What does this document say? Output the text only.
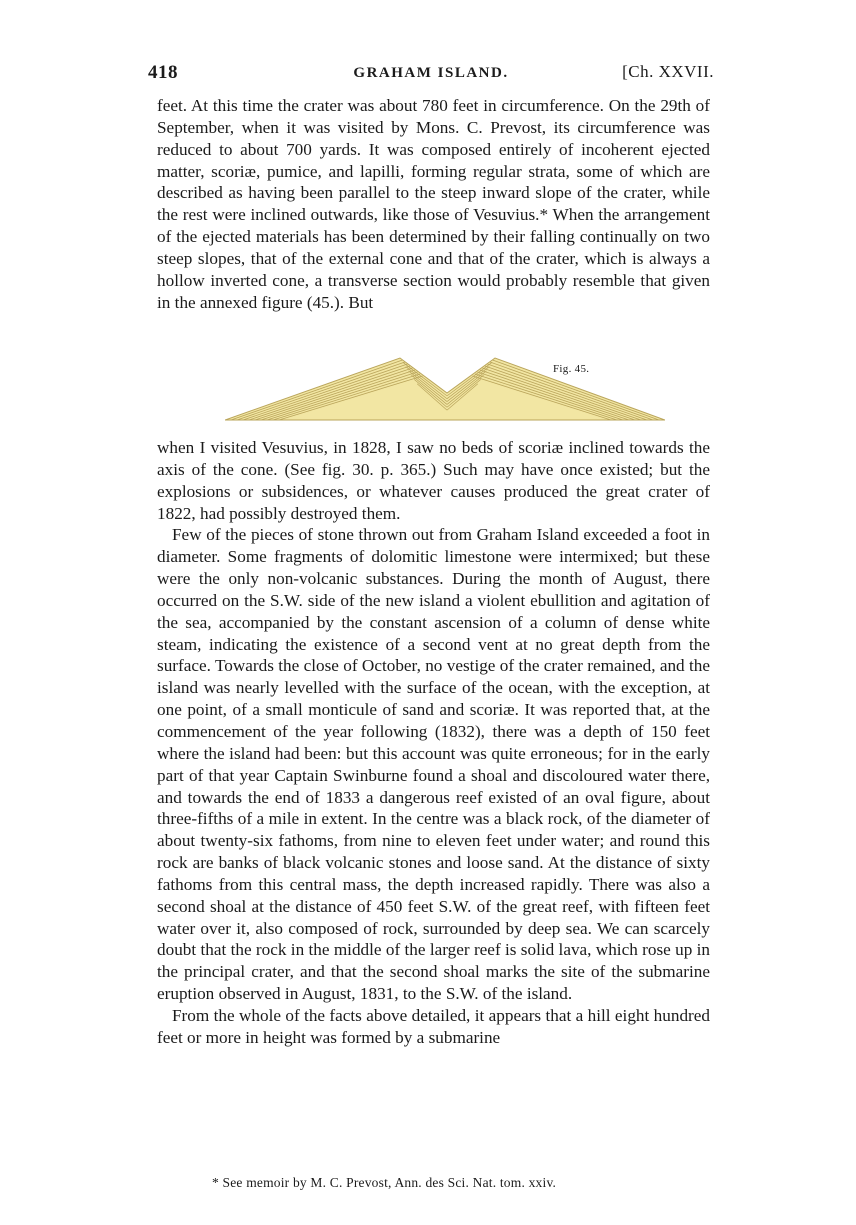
418	GRAHAM ISLAND.	[Ch. XXVII.

feet. At this time the crater was about 780 feet in circumference. On the 29th of September, when it was visited by Mons. C. Prevost, its circumference was reduced to about 700 yards. It was composed entirely of incoherent ejected matter, scoriæ, pumice, and lapilli, forming regular strata, some of which are described as having been parallel to the steep inward slope of the crater, while the rest were inclined outwards, like those of Vesuvius.* When the arrangement of the ejected materials has been determined by their falling continually on two steep slopes, that of the external cone and that of the crater, which is always a hollow inverted cone, a transverse section would probably resemble that given in the annexed figure (45.). But

Fig. 45.

when I visited Vesuvius, in 1828, I saw no beds of scoriæ inclined towards the axis of the cone. (See fig. 30. p. 365.) Such may have once existed; but the explosions or subsidences, or whatever causes produced the great crater of 1822, had possibly destroyed them.

Few of the pieces of stone thrown out from Graham Island exceeded a foot in diameter. Some fragments of dolomitic limestone were intermixed; but these were the only non-volcanic substances. During the month of August, there occurred on the S.W. side of the new island a violent ebullition and agitation of the sea, accompanied by the constant ascension of a column of dense white steam, indicating the existence of a second vent at no great depth from the surface. Towards the close of October, no vestige of the crater remained, and the island was nearly levelled with the surface of the ocean, with the exception, at one point, of a small monticule of sand and scoriæ. It was reported that, at the commencement of the year following (1832), there was a depth of 150 feet where the island had been: but this account was quite erroneous; for in the early part of that year Captain Swinburne found a shoal and discoloured water there, and towards the end of 1833 a dangerous reef existed of an oval figure, about three-fifths of a mile in extent. In the centre was a black rock, of the diameter of about twenty-six fathoms, from nine to eleven feet under water; and round this rock are banks of black volcanic stones and loose sand. At the distance of sixty fathoms from this central mass, the depth increased rapidly. There was also a second shoal at the distance of 450 feet S.W. of the great reef, with fifteen feet water over it, also composed of rock, surrounded by deep sea. We can scarcely doubt that the rock in the middle of the larger reef is solid lava, which rose up in the principal crater, and that the second shoal marks the site of the submarine eruption observed in August, 1831, to the S.W. of the island.

From the whole of the facts above detailed, it appears that a hill eight hundred feet or more in height was formed by a submarine

* See memoir by M. C. Prevost, Ann. des Sci. Nat. tom. xxiv.
